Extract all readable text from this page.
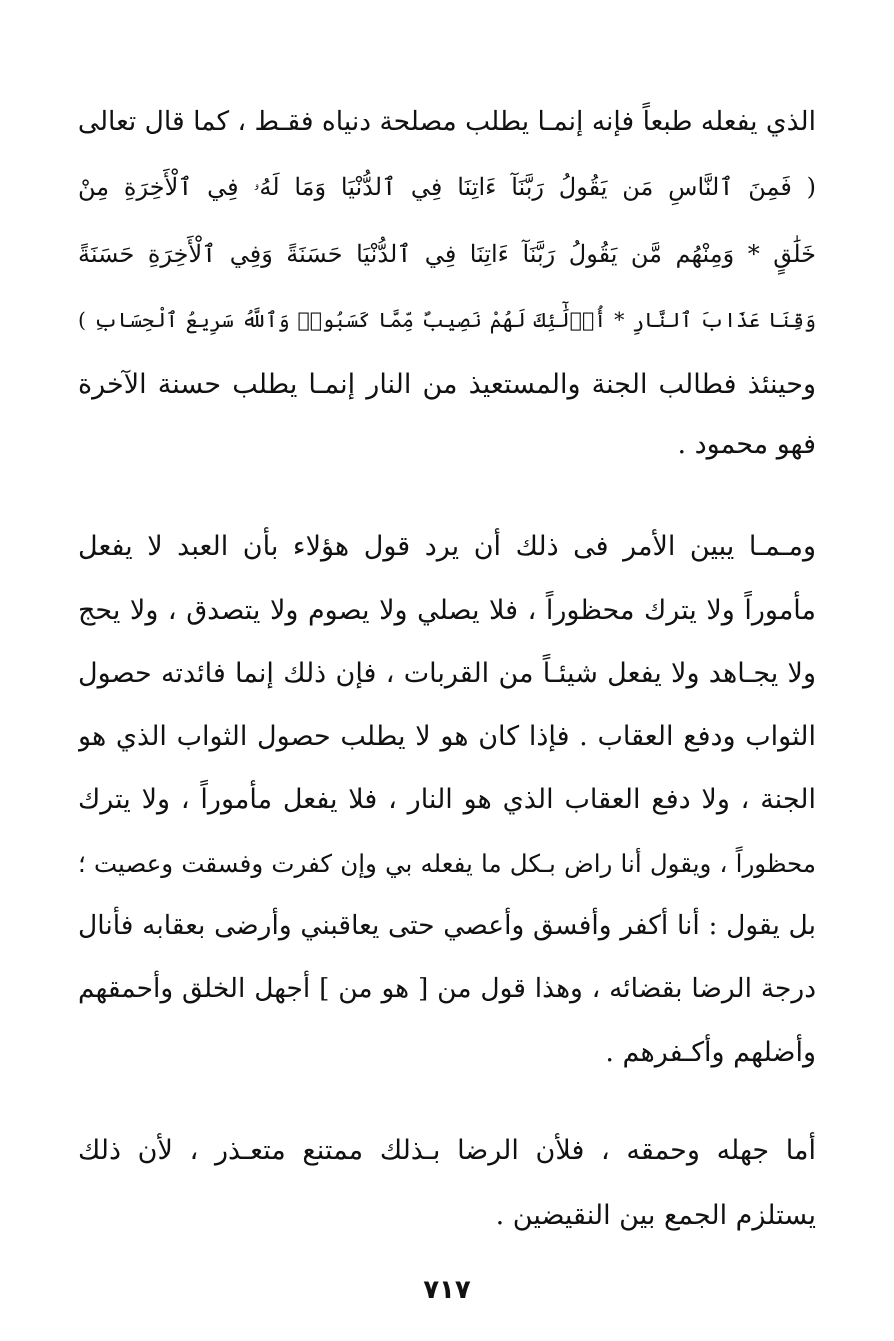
الذي يفعله طبعاً فإنه إنمـا يطلب مصلحة دنياه فقـط ، كما قال تعالى
( فَمِنَ ٱلنَّاسِ مَن يَقُولُ رَبَّنَآ ءَاتِنَا فِي ٱلدُّنْيَا وَمَا لَهُۥ فِي ٱلْأَخِرَةِ مِنْ
خَلَٰقٍ * وَمِنْهُم مَّن يَقُولُ رَبَّنَآ ءَاتِنَا فِي ٱلدُّنْيَا حَسَنَةً وَفِي ٱلْأَخِرَةِ حَسَنَةً
وَقِنَا عَذَابَ ٱلنَّارِ * أُو۟لَٰٓئِكَ لَهُمْ نَصِيبٌ مِّمَّا كَسَبُوا۟ وَٱللَّهُ سَرِيعُ ٱلْحِسَابِ )
وحينئذ فطالب الجنة والمستعيذ من النار إنمـا يطلب حسنة الآخرة
فهو محمود .
ومـمـا يبين الأمر فى ذلك أن يرد قول هؤلاء بأن العبد لا يفعل
مأموراً ولا يترك محظوراً ، فلا يصلي ولا يصوم ولا يتصدق ، ولا يحج
ولا يجـاهد ولا يفعل شيئـاً من القربات ، فإن ذلك إنما فائدته حصول
الثواب ودفع العقاب . فإذا كان هو لا يطلب حصول الثواب الذي هو
الجنة ، ولا دفع العقاب الذي هو النار ، فلا يفعل مأموراً ، ولا يترك
محظوراً ، ويقول أنا راض بـكل ما يفعله بي وإن كفرت وفسقت وعصيت ؛
بل يقول : أنا أكفر وأفسق وأعصي حتى يعاقبني وأرضى بعقابه فأنال
درجة الرضا بقضائه ، وهذا قول من [ هو من ] أجهل الخلق وأحمقهم
وأضلهم وأكـفرهم .
أما جهله وحمقه ، فلأن الرضا بـذلك ممتنع متعـذر ، لأن ذلك
يستلزم الجمع بين النقيضين .
٧١٧
